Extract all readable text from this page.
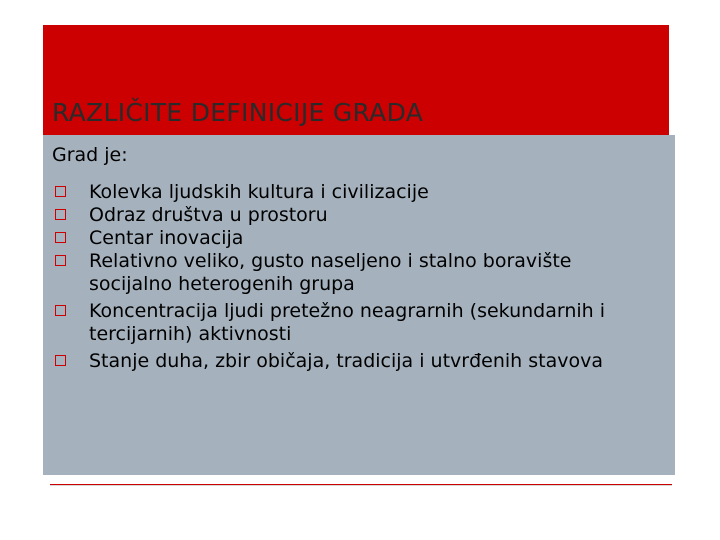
RAZLIČITE DEFINICIJE GRADA

Grad je:

Kolevka ljudskih kultura i civilizacije
Odraz društva u prostoru
Centar inovacija
Relativno veliko, gusto naseljeno i stalno boravište socijalno heterogenih grupa
Koncentracija ljudi pretežno neagrarnih (sekundarnih i tercijarnih) aktivnosti
Stanje duha, zbir običaja, tradicija i utvrđenih stavova
